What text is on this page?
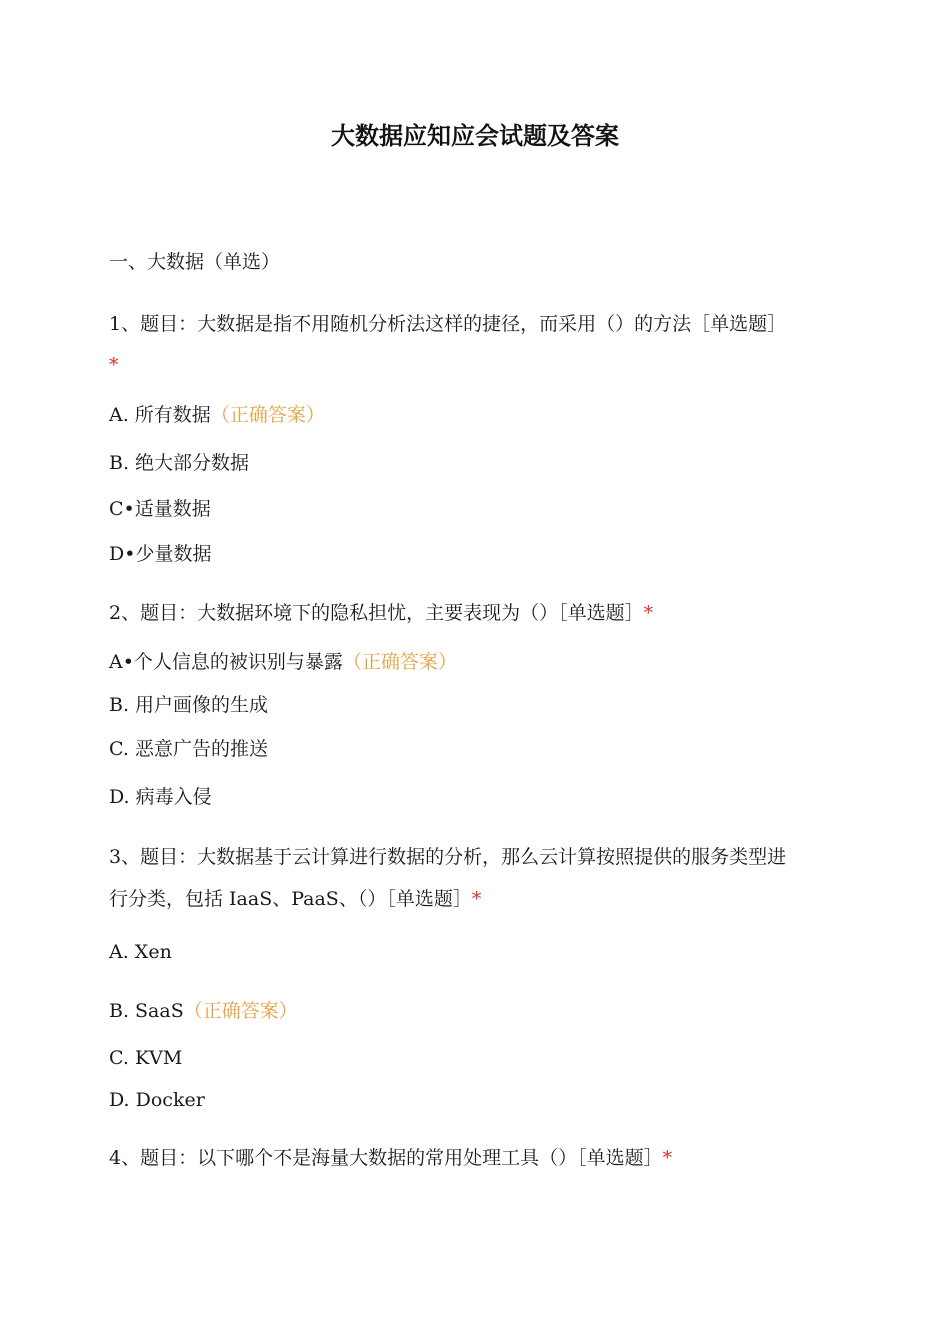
大数据应知应会试题及答案
一、大数据（单选）
1、题目：大数据是指不用随机分析法这样的捷径，而采用（）的方法［单选题］
*
A. 所有数据（正确答案）
B. 绝大部分数据
C•适量数据
D•少量数据
2、题目：大数据环境下的隐私担忧，主要表现为（）［单选题］*
A•个人信息的被识别与暴露（正确答案）
B. 用户画像的生成
C. 恶意广告的推送
D. 病毒入侵
3、题目：大数据基于云计算进行数据的分析，那么云计算按照提供的服务类型进
行分类，包括 IaaS、PaaS、（）［单选题］*
A. Xen
B. SaaS（正确答案）
C. KVM
D. Docker
4、题目：以下哪个不是海量大数据的常用处理工具（）［单选题］*
